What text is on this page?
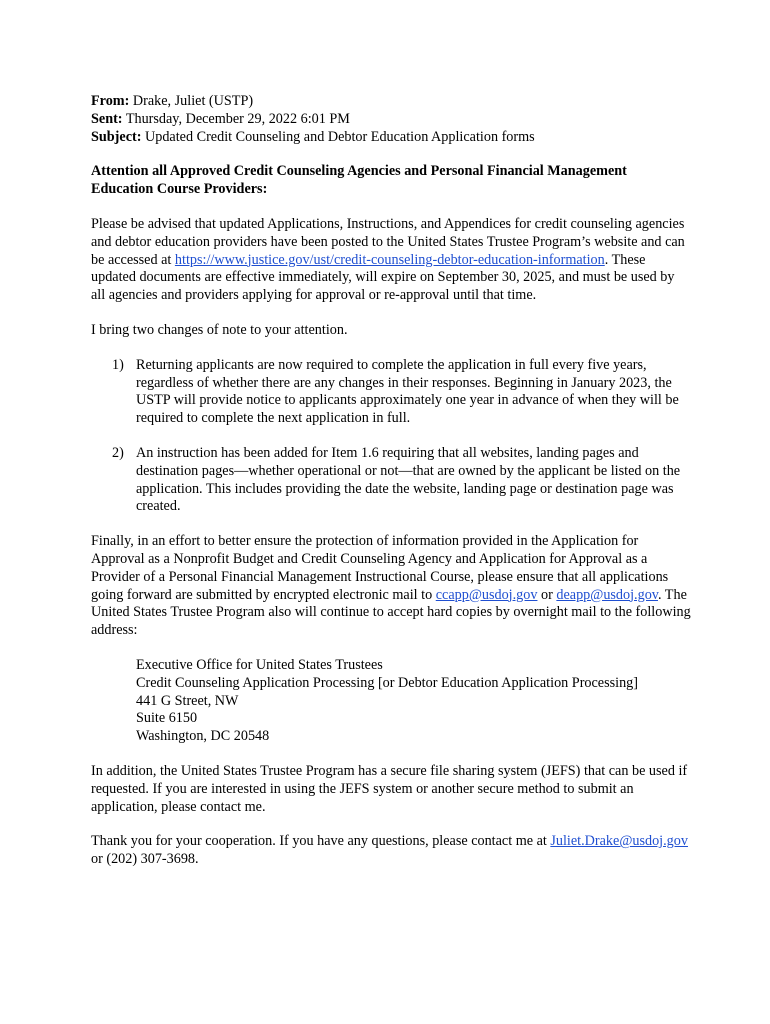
From: Drake, Juliet (USTP)
Sent: Thursday, December 29, 2022 6:01 PM
Subject: Updated Credit Counseling and Debtor Education Application forms

Attention all Approved Credit Counseling Agencies and Personal Financial Management Education Course Providers:

Please be advised that updated Applications, Instructions, and Appendices for credit counseling agencies and debtor education providers have been posted to the United States Trustee Program’s website and can be accessed at https://www.justice.gov/ust/credit-counseling-debtor-education-information. These updated documents are effective immediately, will expire on September 30, 2025, and must be used by all agencies and providers applying for approval or re-approval until that time.

I bring two changes of note to your attention.

1) Returning applicants are now required to complete the application in full every five years, regardless of whether there are any changes in their responses. Beginning in January 2023, the USTP will provide notice to applicants approximately one year in advance of when they will be required to complete the next application in full.
2) An instruction has been added for Item 1.6 requiring that all websites, landing pages and destination pages—whether operational or not—that are owned by the applicant be listed on the application. This includes providing the date the website, landing page or destination page was created.

Finally, in an effort to better ensure the protection of information provided in the Application for Approval as a Nonprofit Budget and Credit Counseling Agency and Application for Approval as a Provider of a Personal Financial Management Instructional Course, please ensure that all applications going forward are submitted by encrypted electronic mail to ccapp@usdoj.gov or deapp@usdoj.gov. The United States Trustee Program also will continue to accept hard copies by overnight mail to the following address:

Executive Office for United States Trustees
Credit Counseling Application Processing [or Debtor Education Application Processing]
441 G Street, NW
Suite 6150
Washington, DC 20548

In addition, the United States Trustee Program has a secure file sharing system (JEFS) that can be used if requested. If you are interested in using the JEFS system or another secure method to submit an application, please contact me.

Thank you for your cooperation. If you have any questions, please contact me at Juliet.Drake@usdoj.gov or (202) 307-3698.
